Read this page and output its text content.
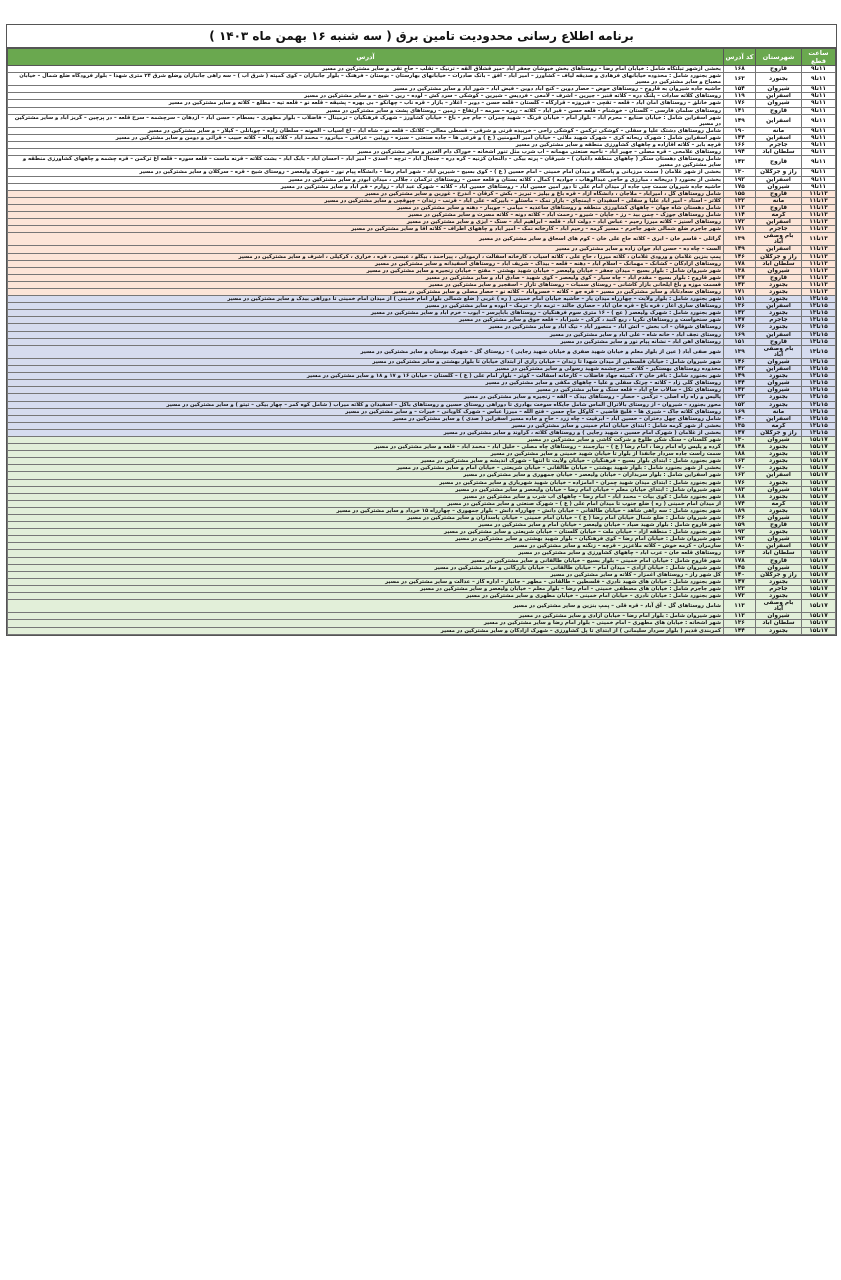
برنامه اطلاع رسانی محدودیت تامین برق ( سه شنبه ۱۶ بهمن ماه ۱۴۰۳ )
ساعت قطع	شهرستان	کد آدرس	آدرس
۱۱تا۹	قاروج	۱۶۸	بخشی ازشهر تبلتگاه شامل : خیابان امام رضا – روستاهای بخش خیوشان جعفر آباد –میر قشلاق آلقه – ترنیک – تقلب – حاج تقی و سایر مشترکین در مسیر
۱۱تا۹	بجنورد	۱۶۳	شهر بجنورد شامل : محدوده خیابانهای فرهادی و صدیقه لیاف – کشاورز – امیر آباد – افق – بانک صادرات – خیابانهای بهارستان – بوستان – فرهنگ – بلوار جانبازان – کوی کمیته ( شرق آب ) – سه راهی جانبازان وضلع شرق ۲۴ متری شهدا – بلوار فرودگاه ضلع شمال – خیابان مصباح و سایر مشترکین در مسیر
۱۱تا۹	شیروان	۱۵۴	حاشیه جاده شیروان به قاروج – روستاهای حوض – حصار دوین – کنج آباد دوین – فیض آباد – شور آباد و سایر مشترکین در مسیر
۱۱تا۹	اسفراین	۱۱۹	روستاهای کلاته سادات – پلنگ دره – کلاته قنبر – جیرین – اشرف – لامعی – فردیس – شیرین – کوشکی – سرد کش – لوده – رین – شیخ – و سایر مشترکین در مسیر
۱۱تا۹	شیروان	۱۷۶	شهر خانلق – روستاهای امان آباد – قلعه – تقچی – فیروزه – قرارگاه – گلستان – قلعه حسن – دوبر – اغلار – بازار – قره ناب – چهانکو – بی بهره – پشیقه – قلعه نو – قلعه تیه – مطلع – کلاته و سایر مشترکین در مسیر
۱۱تا۹	قاروج	۱۴۱	روستاهای سلمان فارسی – گلستان – خوشنام – قلعه حسن – قبر آباد – کلاته – ریزه – سرمه – ارتفاع – زمین – روستاهای پشت و سایر مشترکین در مسیر
۱۱تا۹	اسفراین	۱۴۹	شهر اسفراین شامل : خیابان صنایع – محرم آباد – بلوار امام – خیابان فرنگ – شهید چمران – جام جم – باغ – خیابان کشاورز – شهرک فرهنگیان – ترمینال – فاضلاب – بلوار مطهری – بسطام – حسن آباد – ازدهان – سرچشمه – سرخ قلعه – در پرچین – گریز آباد و سایر مشترکین در مسیر
۱۱تا۹	مانه	۱۹۰	شامل روستاهای دشتک علیا و سفلی – کوشکی ترکمن – کوشکی راحی – خربیده قرنی و شرقی – قسطی معالی – کلاتک – قلعه نو – شاه آباد – آغ آسیاب – آلخونه – سلطان زاده – چوبانلی – کیلار – و سایر مشترکین در مسیر
۱۱تا۹	اسفراین	۱۴۴	شهر اسفراین شامل : شهرک ریحانه کری – شهرک شهید ملائی – خیابان امیر المومنین ( ع ) و فرعی ها – جاده صنعتی – سبزه – روئین – عراقی – میانرود – محمد آباد – کلاته پیاله – کلاته حبیب – قرائی و دومن و سایر مشترکین در مسیر
۱۱تا۹	جاجرم	۱۶۶	قرچه بابر – کلاته آقازاده و چاههای کشاورزی منطقه و سایر مشترکین در مسیر
۱۱تا۹	سلطان آباد	۱۹۴	روستاهای علامحی – قره مصلی – جهیر آباد – ناحیه صنعتی مهمانه – آب شرب مثل تنور آشخانه – خوراک دام الغدیر و سایر مشترکین در مسیر
۱۱تا۹	قاروج	۱۴۳	شامل روستاهای دهستان سنگر ( چاههای منطقه داغیان ) – شیرقان – پرنه بیگی – دالنجان کزنیه – گره دره – جنجال آباد – ترچه – اسدی – امیر آباد – احسان آباد – بابک آباد – بشت کلاته – قرنه ماست – قلعه سوره – قلعه آغ ترکمن – قره چشمه و چاههای کشاورزی منطقه و سایر مشترکین در مسیر
۱۱تا۹	راز و جرگلان	۱۳۰	بخشی از شهر غلامان ( سمت مرزبانی و پاسگاه و میدان امام خمینی – امام حسین ( ع ) – کوی بسیج – شیرین آباد – شهر امام رضا – دانشگاه پیام نور – شهرک ولیعصر – روستای شیخ – قره – سرکلان و سایر مشترکین در مسیر
۱۱تا۹	اسفراین	۱۹۲	بخشی از بجنورد ( دریخانه ، مبارزی و حاجی عبدالوهاب ، جوادیه ) کمال ، کلاته بستان و قلعه حسن – روستاهای ترکمان ، جلالی ، میدان ابوذر و سایر مشترکین در مسیر
۱۱تا۹	شیروان	۱۷۵	حاشیه جاده شیروان سمت چپ جاده از میدان امام علی تا دور امین حسین آباد – روستاهای حسین آباد – کلاته – شهرک عبد آباد – زوارم – قم آباد و سایر مشترکین در مسیر
۱۳تا۱۱	قاروج	۱۵۵	شامل روستاهای گل ، امیرآباد – ملاجان ، دانشگاه آزاد – قره باغ و بیلیز – تبریز – بکش – کرقان – اندرخ – غورین و سایر مشترکین در مسیر
۱۳تا۱۱	مانه	۱۳۲	کلاتر – استاد – امیر آباد علیا و سفلی – اسفیدان – ایمنچای – بازار نمک – ماستلو – بابیرکه – علی آباد – قرنب – زندان – چپوقچی و سایر مشترکین در مسیر
۱۳تا۱۱	قاروج	۱۱۳	شامل دهستان شاه جهان – چاههای کشاورزی منطقه و روستاهای ساعدیه – میامی – جویبار – دهنه و سایر مشترکین در مسیر
۱۳تا۱۱	گرمه	۱۱۴	شامل روستاهای جوزک – چمن بید – رز – جاپان – شیرو – رحمت آباد – کلاته دونه – کلاته مسرت و سایر مشترکین در مسیر
۱۳تا۱۱	اسفراین	۱۷۲	روستاهای اسنیز – کلاته میرزا رحیم – عباس آباد – دولت آباد – قلعه – ابراهیم آباد – سنگ – ایزی و سایر مشترکین در مسیر
۱۳تا۱۱	جاجرم	۱۷۱	شهر جاجرم ضلع شمالی شهر جاجرم – مسیر گرمه – رحیم آباد – کارخانه نمک – امیر آباد و چاههای اطراف – کلاته آقا و سایر مشترکین در مسیر
۱۳تا۱۱	بام وصفی آباد	۱۳۹	گرائلی – قاسم خان – ابری – کلاته حاج علی خان – کوم های اسحاق و سایر مشترکین در مسیر
۱۳تا۱۱	اسفراین	۱۴۹	الست – چاه ده – حسن آباد جوان زاده و سایر مشترکین در مسیر
۱۳تا۱۱	راز و جرگلان	۱۴۶	پمپ بنزین غلامان و ورودی غلامان ، کلاته میرزا ، حاج علی ، کلاته آسیاب ، کارخانه آسفالت ، آرمودلی ، پیراحمد ، بیگلو ، عیسی ، قره ، خراری ، کرکیلی ، اشرف و سایر مشترکین در مسیر
۱۳تا۱۱	سلطان آباد	۱۷۸	روستاهای آزادگان – کشانک – مهمانک – اسلام آباد – دهنه – قلعه – بیداک – شریف آباد – روستاهای اسفیدانه و سایر مشترکین در مسیر
۱۳تا۱۱	شیروان	۱۳۸	شهر شیروان شامل : بلوار بسیج – میدان جعفر – خیابان ولیعصر – خیابان شهید بهشتی – مفتح – خیابان زنجیره و سایر مشترکین در مسیر
۱۳تا۱۱	قاروج	۱۳۷	شهر قاروج : بلوار بسیج – مقدم آباد – چاه سیار – کوی ولیعصر – کوی شهید – صادق آباد و سایر مشترکین در مسیر
۱۳تا۱۱	بجنورد	۱۴۳	قسمت موزه و باغ ایلخانی بازار کاشانی – روستای سمبات – روستاهای تاراز – اسفجیر و سایر مشترکین در مسیر
۱۳تا۱۱	بجنورد	۱۷۱	روستاهای سعادتآباد و سایر مشترکین در مسیر – قره جو – کلاته – خسروآباد – کلاته نو – حصار مصلی و سایر مشترکین در مسیر
۱۵تا۱۳	بجنورد	۱۵۱	شهر بجنورد شامل : بلوار ولایت – چهارراه میدان یار – حاشیه خیابان امام خمینی ( ره ) غربی ( ضلع شمالی بلوار امام خمینی ) از میدان امام خمینی تا دوراهی بیدک و سایر مشترکین در مسیر
۱۵تا۱۳	اسفراین	۱۳۶	روستاهای ساری آغاز ، قره باغ – قره خان آباد – حصاری خالند – ترمه دار – ترمک – ابوده و سایر مشترکین در مسیر
۱۵تا۱۳	بجنورد	۱۴۲	شهر بجنورد شامل : شهرک ولیعصر ( عج ) – ۱۶ متری سوم فرهنگیان – روستاهای باباپرسر – ایوب – خرم آباد و سایر مشترکین در مسیر
۱۵تا۱۳	جاجرم	۱۴۷	شهر سنخواست و روستاهای نگریا ، ربع گنبد ، کرکی – شیرآباد – قلعه جوق و سایر مشترکین در مسیر
۱۵تا۱۳	بجنورد	۱۷۶	روستاهای شوقان – آب بخش – آتش آباد – منصور آباد – نیک آباد و سایر مشترکین در مسیر
۱۵تا۱۳	اسفراین	۱۶۹	روستای نجف آباد – خانه شاه – علی آباد و سایر مشترکین در مسیر
۱۵تا۱۳	قاروج	۱۵۱	روستاهای آهن آباد – نشانه پیام نور و سایر مشترکین در مسیر
۱۵تا۱۳	بام وصفی آباد	۱۳۹	شهر صفی آباد ( عین از بلوار معلم و خیابان شهید صفری و خیابان شهید رجایی ) – روستای گل – شهرک بوستان و سایر مشترکین در مسیر
۱۵تا۱۳	شیروان	۱۴۶	شهر شیروان شامل : خیابان فلسطین از میدان شهدا تا زندان – خیابان رازی از ابتدای خیابان تا بلوار بهشتی و سایر مشترکین در مسیر
۱۵تا۱۳	اسفراین	۱۴۲	محدوده روستاهای بهستگیر – کلاته – سرچشمه شهید رسولی و سایر مشترکین در مسیر
۱۵تا۱۳	بجنورد	۱۴۹	شهر بجنورد شامل : بافر خان ۲ ، کمیته جهاد فاضلاب – کارخانه آسفالت – کوثر – بلوار امام علی ( ع ) – گلستان – خیابان ۱۶ و ۱۷ و ۱۸ و سایر مشترکین در مسیر
۱۵تا۱۳	شیروان	۱۴۴	روستاهای گلی زاد – کلاته – چرتک سفلی و علیا – چاههای مکفی و سایر مشترکین در مسیر
۱۵تا۱۳	شیروان	۱۴۳	روستاهای تکل – سالاب حاج آباد – قلعه سنگ و سایر مشترکین در مسیر
۱۵تا۱۳	بجنورد	۱۳۲	پالیس و راه راه اصلی – ترکمن – حصار – روستاهای بیدک – آلقه – زنجیره و سایر مشترکین در مسیر
۱۵تا۱۳	بجنورد	۱۵۲	محور بجنورد – شیروان – از روستای بالاترال الماس شامل جایگاه سوخت بهادری تا دوراهی روستای حسین و روستاهای باکل – اسفیدان و کلاته میراب ( شامل کوه کمر – چهار بیگی – تیتو ) و سایر مشترکین در مسیر
۱۵تا۱۳	مانه	۱۶۹	روستاهای کلاته جاک – شیری ها – قلیچ قاضیی – کاوکل حاج حسن – فتح الله – میرزا عباس – شهرک کاویانی – خیرات – و سایر مشترکین در مسیر
۱۵تا۱۳	اسفراین	۱۴۰	شامل روستاهای چهل دختران – حسین آباد – ابرقیت – چاه زرد – حاج و جاده مسیر اسفراین ( صدی ) و سایر مشترکین در مسیر
۱۵تا۱۳	گرمه	۱۳۵	بخشی از شهر گرمه شامل : ابتدای خیابان امام خمینی و سایر مشترکین در مسیر
۱۵تا۱۳	راز و جرگلان	۱۴۷	بخشی از غلامان ( شهرک امام حسین ، شهید رجایی ) و روستاهای کلاته ، گراوند و سایر مشترکین در مسیر
۱۷تا۱۵	شیروان	۱۳۰	شهر گلستان – سنگ شکن طلوع و شرکت کاشی و سایر مشترکین در مسیر
۱۷تا۱۵	بجنورد	۱۴۸	گرده و پلیس راه امام رضا ، امام رضا ( ع ) – بیارجمند – روستاهای چاه مصلی – خلیل آباد – محمد آباد – قلعه و سایر مشترکین در مسیر
۱۷تا۱۵	بجنورد	۱۸۸	سمت راست جاده سردار جانفدا از بلوار تا خیابان شهید خمینی و سایر مشترکین در مسیر
۱۷تا۱۵	بجنورد	۱۶۳	شهر بجنورد شامل : ابتدای بلوار بسیج – فرهنگیان – خیابان ولایت تا انتها – شهرک اندیشه و سایر مشترکین در مسیر
۱۷تا۱۵	بجنورد	۱۷۰	بخشی از شهر بجنورد شامل : بلوار شهید بهشتی – خیابان طالقانی – خیابان شریعتی – خیابان امام و سایر مشترکین در مسیر
۱۷تا۱۵	اسفراین	۱۶۲	شهر اسفراین شامل : بلوار سربداران – خیابان ولیعصر – خیابان جمهوری و سایر مشترکین در مسیر
۱۷تا۱۵	بجنورد	۱۷۶	شهر بجنورد شامل : ابتدای میدان شهید چمران – امامزاده – خیابان شهید شهریاری و سایر مشترکین در مسیر
۱۷تا۱۵	شیروان	۱۸۳	شهر شیروان شامل : ابتدای خیابان معلم – خیابان امام رضا – خیابان ولیعصر و سایر مشترکین در مسیر
۱۷تا۱۵	بجنورد	۱۱۸	شهر بجنورد شامل : کوی بیات – محمد آباد – امام رضا – چاههای آب شرب و سایر مشترکین در مسیر
۱۷تا۱۵	گرمه	۱۷۴	از میدان امام خمینی ( ره ) ضلع جنوب تا میدان امام علی ( ع ) – شهرک صنعتی و سایر مشترکین در مسیر
۱۷تا۱۵	بجنورد	۱۸۹	شهر بجنورد شامل : سه راهی شاهد – خیابان طالقانی – خیابان دانش – چهارراه دانش – بلوار جمهوری – چهارراه ۱۵ خرداد و سایر مشترکین در مسیر
۱۷تا۱۵	شیروان	۱۳۶	شهر شیروان شامل : ضلع شمال خیابان امام رضا ( ع ) – خیابان امام خمینی – خیابان پاسداران و سایر مشترکین در مسیر
۱۷تا۱۵	قاروج	۱۵۹	شهر قاروج شامل : بلوار شهید صیاد – خیابان ولیعصر – خیابان امام و سایر مشترکین در مسیر
۱۷تا۱۵	بجنورد	۱۹۲	شهر بجنورد شامل : منطقه آزاد – خیابان ملت – خیابان گلستان – خیابان شریعتی و سایر مشترکین در مسیر
۱۷تا۱۵	شیروان	۱۹۳	شهر شیروان شامل : خیابان امام رضا – کوی فرهنگیان – بلوار شهید بهشتی و سایر مشترکین در مسیر
۱۷تا۱۵	اسفراین	۱۸۰	سارمران – کرمه خوش – کلاته ملاعزیز – قرچه – زنگنه و سایر مشترکین در مسیر
۱۷تا۱۵	سلطان آباد	۱۶۴	روستاهای قلعه خان – عرب آباد – چاههای کشاورزی و سایر مشترکین در مسیر
۱۷تا۱۵	قاروج	۱۷۸	شهر قاروج شامل : خیابان امام خمینی – بلوار بسیج – خیابان طالقانی و سایر مشترکین در مسیر
۱۷تا۱۵	شیروان	۱۴۵	شهر شیروان شامل : خیابان آزادی – میدان امام – خیابان طالقانی – خیابان بازرگانی و سایر مشترکین در مسیر
۱۷تا۱۵	راز و جرگلان	۱۴۰	کل شهر راز – روستاهای آغمزار – کلاته و سایر مشترکین در مسیر
۱۷تا۱۵	بجنورد	۱۴۷	شهر بجنورد شامل : خیابان های شهید نادری – فلسطین – طالقانی – مطهر – جانباز – اداره گاز – عدالت و سایر مشترکین در مسیر
۱۷تا۱۵	جاجرم	۱۲۳	شهر جاجرم شامل : خیابان های مصطفی خمینی – امام رضا – بلوار معلم – خیابان ولیعصر و سایر مشترکین در مسیر
۱۷تا۱۵	بجنورد	۱۷۳	شهر بجنورد شامل : خیابان نادری – خیابان امام خمینی – خیابان مطهری و سایر مشترکین در مسیر
۱۷تا۱۵	بام وصفی آباد	۱۱۳	شامل روستاهای گل – آق آباد – قره قلی – پمپ بنزین و سایر مشترکین در مسیر
۱۷تا۱۵	شیروان	۱۱۳	شهر شیروان شامل : بلوار امام رضا – خیابان آزادی و سایر مشترکین در مسیر
۱۷تا۱۵	سلطان آباد	۱۳۶	شهر آشخانه : خیابان های مطهری – امام خمینی – بلوار امام رضا و سایر مشترکین در مسیر
۱۷تا۱۵	بجنورد	۱۴۴	کمربندی قدیم ( بلوار سردار سلیمانی ) از ابتدای تا پل کشاورزی – شهرک آزادگان و سایر مشترکین در مسیر
